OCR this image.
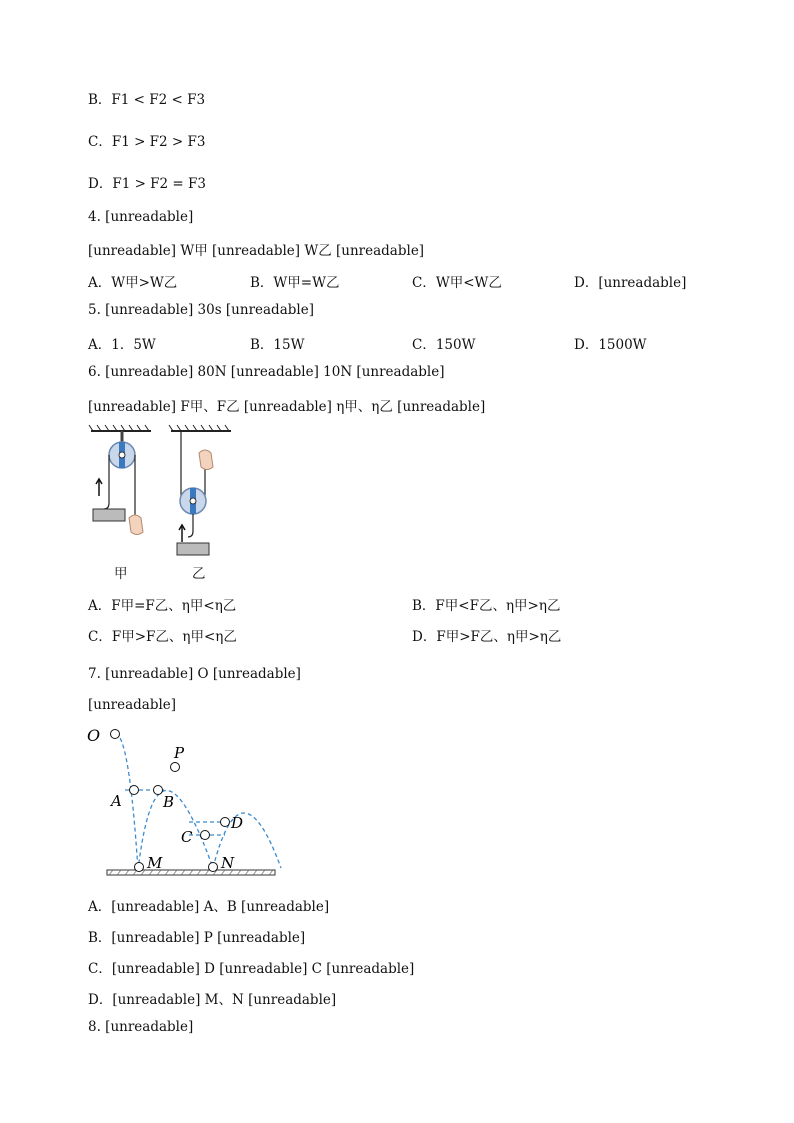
B．F1 < F2 < F3
C．F1 > F2 > F3
D．F1 > F2 = F3
4. [unreadable]
[unreadable] W甲 [unreadable] W乙 [unreadable]
A．W甲>W乙	B．W甲=W乙	C．W甲<W乙	D．[unreadable]
5. [unreadable] 30s [unreadable]
A．1．5W	B．15W	C．150W	D．1500W
6. [unreadable] 80N [unreadable] 10N [unreadable]
[unreadable] F甲、F乙 [unreadable] η甲、η乙 [unreadable]
甲	乙
A．F甲=F乙、η甲<η乙	B．F甲<F乙、η甲>η乙
C．F甲>F乙、η甲<η乙	D．F甲>F乙、η甲>η乙
7. [unreadable] O [unreadable]
[unreadable]
O
P
A	B
C
D
M	N
A．[unreadable] A、B [unreadable]
B．[unreadable] P [unreadable]
C．[unreadable] D [unreadable] C [unreadable]
D．[unreadable] M、N [unreadable]
8. [unreadable]
